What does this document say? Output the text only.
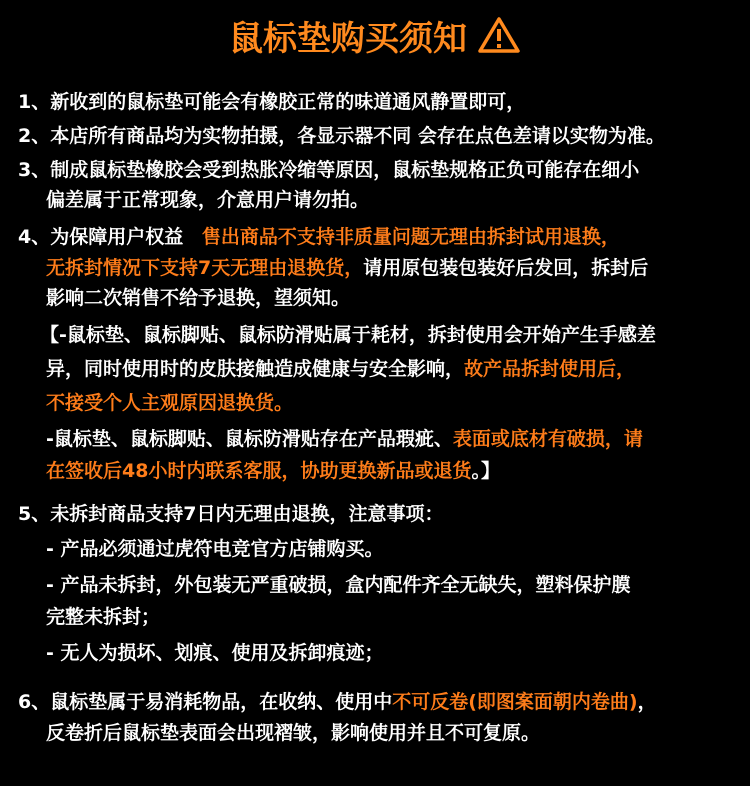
鼠标垫购买须知
1、新收到的鼠标垫可能会有橡胶正常的味道通风静置即可，
2、本店所有商品均为实物拍摄，各显示器不同 会存在点色差请以实物为准。
3、制成鼠标垫橡胶会受到热胀冷缩等原因，鼠标垫规格正负可能存在细小
偏差属于正常现象，介意用户请勿拍。
4、为保障用户权益 售出商品不支持非质量问题无理由拆封试用退换，
无拆封情况下支持7天无理由退换货，请用原包装包装好后发回，拆封后
影响二次销售不给予退换，望须知。
【-鼠标垫、鼠标脚贴、鼠标防滑贴属于耗材，拆封使用会开始产生手感差
异，同时使用时的皮肤接触造成健康与安全影响，故产品拆封使用后，
不接受个人主观原因退换货。
-鼠标垫、鼠标脚贴、鼠标防滑贴存在产品瑕疵、表面或底材有破损，请
在签收后48小时内联系客服，协助更换新品或退货。】
5、未拆封商品支持7日内无理由退换，注意事项：
- 产品必须通过虎符电竞官方店铺购买。
- 产品未拆封，外包装无严重破损，盒内配件齐全无缺失，塑料保护膜
完整未拆封；
- 无人为损坏、划痕、使用及拆卸痕迹；
6、鼠标垫属于易消耗物品，在收纳、使用中不可反卷(即图案面朝内卷曲)，
反卷折后鼠标垫表面会出现褶皱，影响使用并且不可复原。
